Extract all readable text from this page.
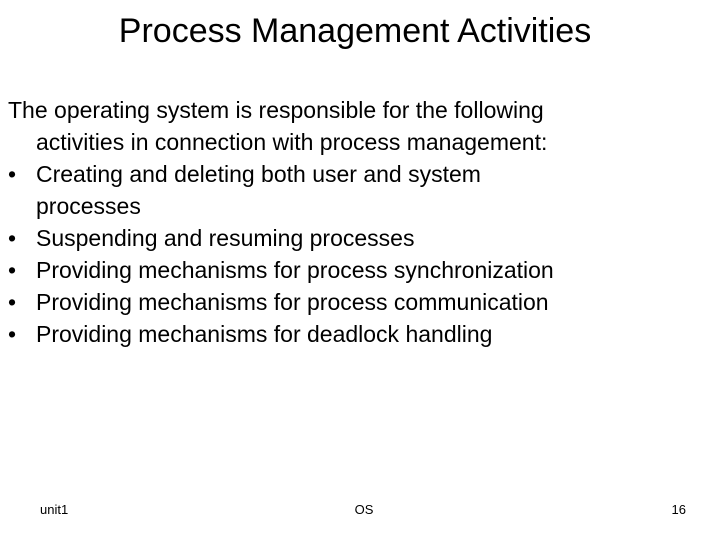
Process Management Activities

The operating system is responsible for the following
activities in connection with process management:

• Creating and deleting both user and system
processes
• Suspending and resuming processes
• Providing mechanisms for process synchronization
• Providing mechanisms for process communication
• Providing mechanisms for deadlock handling
unit1	OS	16
